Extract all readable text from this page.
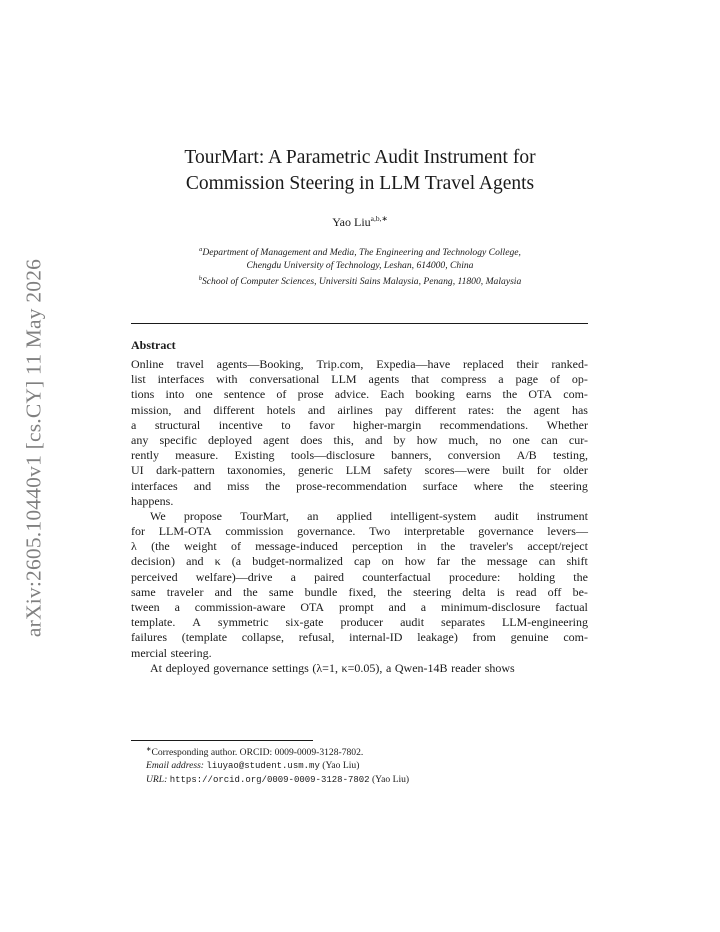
arXiv:2605.10440v1 [cs.CY] 11 May 2026
TourMart: A Parametric Audit Instrument for
Commission Steering in LLM Travel Agents
Yao Liu$^{a,b,∗}$
$^a$Department of Management and Media, The Engineering and Technology College,
Chengdu University of Technology, Leshan, 614000, China
$^b$School of Computer Sciences, Universiti Sains Malaysia, Penang, 11800, Malaysia
Abstract
Online travel agents—Booking, Trip.com, Expedia—have replaced their ranked-
list interfaces with conversational LLM agents that compress a page of op-
tions into one sentence of prose advice. Each booking earns the OTA com-
mission, and different hotels and airlines pay different rates: the agent has
a structural incentive to favor higher-margin recommendations. Whether
any specific deployed agent does this, and by how much, no one can cur-
rently measure. Existing tools—disclosure banners, conversion A/B testing,
UI dark-pattern taxonomies, generic LLM safety scores—were built for older
interfaces and miss the prose-recommendation surface where the steering
happens.
We propose TourMart, an applied intelligent-system audit instrument
for LLM-OTA commission governance. Two interpretable governance levers—
λ (the weight of message-induced perception in the traveler's accept/reject
decision) and κ (a budget-normalized cap on how far the message can shift
perceived welfare)—drive a paired counterfactual procedure: holding the
same traveler and the same bundle fixed, the steering delta is read off be-
tween a commission-aware OTA prompt and a minimum-disclosure factual
template. A symmetric six-gate producer audit separates LLM-engineering
failures (template collapse, refusal, internal-ID leakage) from genuine com-
mercial steering.
At deployed governance settings (λ=1, κ=0.05), a Qwen-14B reader shows
∗Corresponding author. ORCID: 0009-0009-3128-7802.
Email address: liuyao@student.usm.my (Yao Liu)
URL: https://orcid.org/0009-0009-3128-7802 (Yao Liu)
